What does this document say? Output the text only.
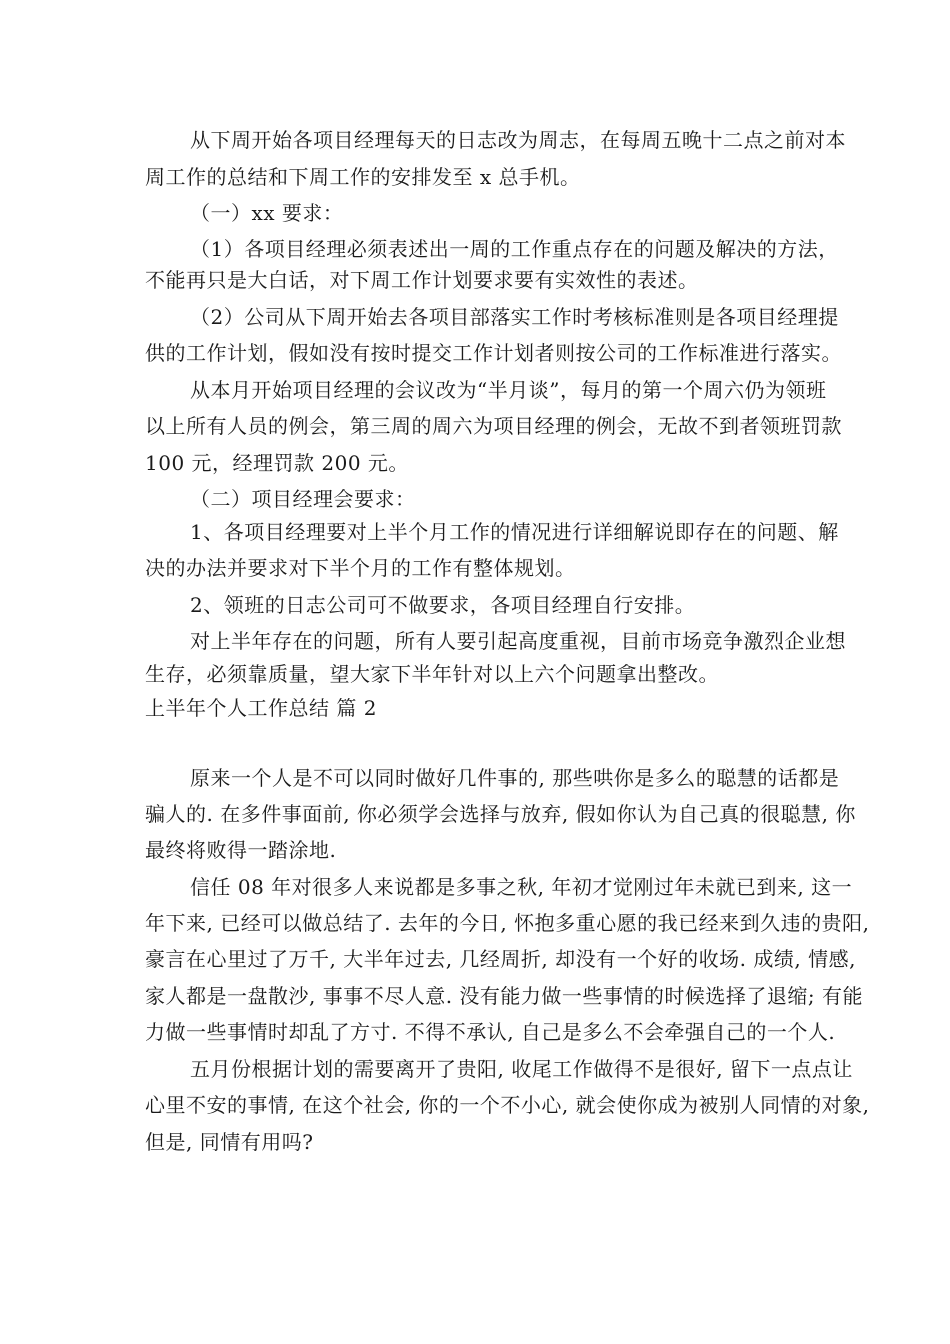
从下周开始各项目经理每天的日志改为周志，在每周五晚十二点之前对本
周工作的总结和下周工作的安排发至 x 总手机。
（一）xx 要求：
（1）各项目经理必须表述出一周的工作重点存在的问题及解决的方法，
不能再只是大白话，对下周工作计划要求要有实效性的表述。
（2）公司从下周开始去各项目部落实工作时考核标准则是各项目经理提
供的工作计划，假如没有按时提交工作计划者则按公司的工作标准进行落实。
从本月开始项目经理的会议改为“半月谈”，每月的第一个周六仍为领班
以上所有人员的例会，第三周的周六为项目经理的例会，无故不到者领班罚款
100 元，经理罚款 200 元。
（二）项目经理会要求：
1、各项目经理要对上半个月工作的情况进行详细解说即存在的问题、解
决的办法并要求对下半个月的工作有整体规划。
2、领班的日志公司可不做要求，各项目经理自行安排。
对上半年存在的问题，所有人要引起高度重视，目前市场竞争激烈企业想
生存，必须靠质量，望大家下半年针对以上六个问题拿出整改。
上半年个人工作总结 篇 2
原来一个人是不可以同时做好几件事的, 那些哄你是多么的聪慧的话都是
骗人的. 在多件事面前, 你必须学会选择与放弃, 假如你认为自己真的很聪慧, 你
最终将败得一踏涂地.
信任 08 年对很多人来说都是多事之秋, 年初才觉刚过年未就已到来, 这一
年下来, 已经可以做总结了. 去年的今日, 怀抱多重心愿的我已经来到久违的贵阳,
豪言在心里过了万千, 大半年过去, 几经周折, 却没有一个好的收场. 成绩, 情感,
家人都是一盘散沙, 事事不尽人意. 没有能力做一些事情的时候选择了退缩; 有能
力做一些事情时却乱了方寸. 不得不承认, 自己是多么不会牵强自己的一个人.
五月份根据计划的需要离开了贵阳, 收尾工作做得不是很好, 留下一点点让
心里不安的事情, 在这个社会, 你的一个不小心, 就会使你成为被别人同情的对象,
但是, 同情有用吗?
